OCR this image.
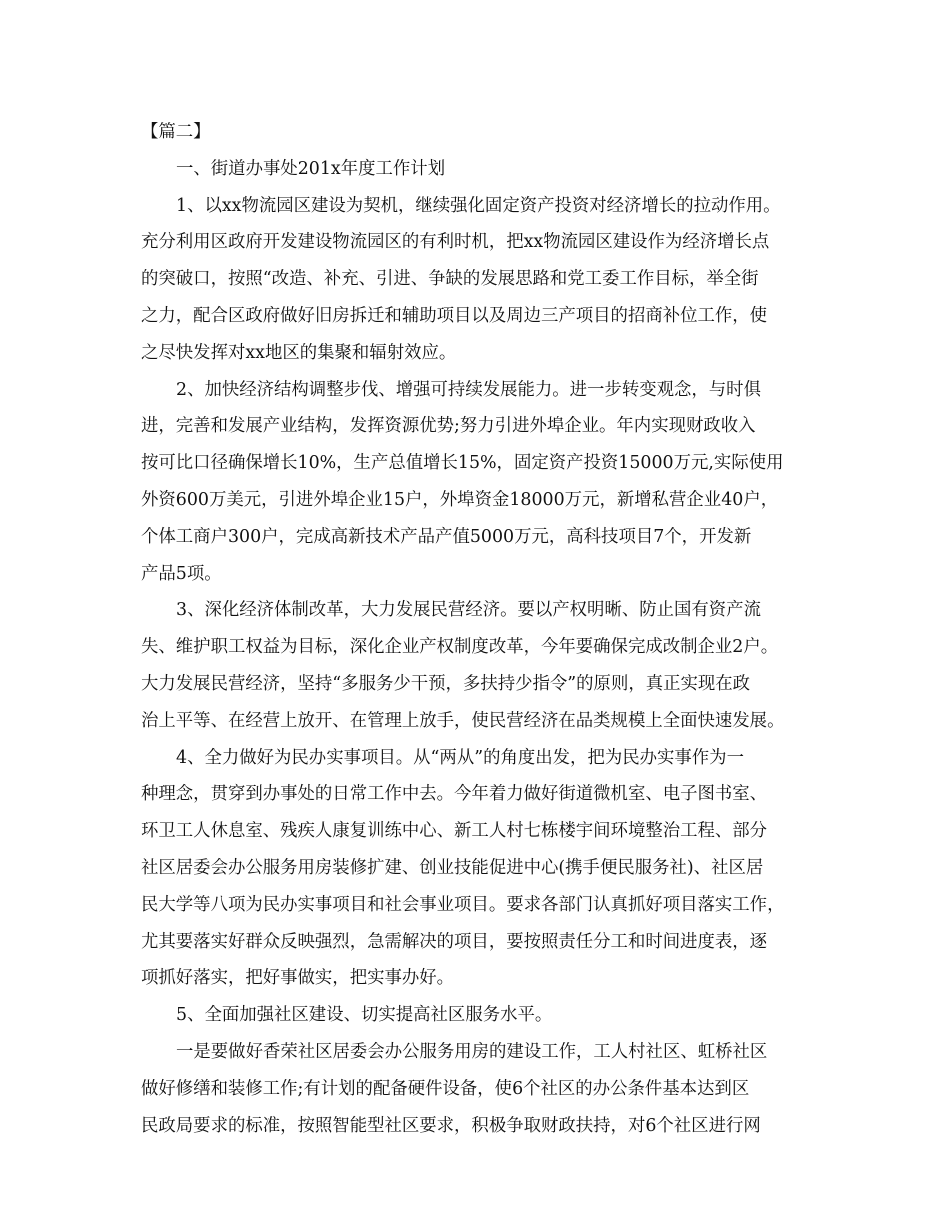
【篇二】
一、街道办事处201x年度工作计划
1、以xx物流园区建设为契机，继续强化固定资产投资对经济增长的拉动作用。
充分利用区政府开发建设物流园区的有利时机，把xx物流园区建设作为经济增长点
的突破口，按照“改造、补充、引进、争缺的发展思路和党工委工作目标，举全街
之力，配合区政府做好旧房拆迁和辅助项目以及周边三产项目的招商补位工作，使
之尽快发挥对xx地区的集聚和辐射效应。
2、加快经济结构调整步伐、增强可持续发展能力。进一步转变观念，与时俱
进，完善和发展产业结构，发挥资源优势;努力引进外埠企业。年内实现财政收入
按可比口径确保增长10%，生产总值增长15%，固定资产投资15000万元,实际使用
外资600万美元，引进外埠企业15户，外埠资金18000万元，新增私营企业40户，
个体工商户300户，完成高新技术产品产值5000万元，高科技项目7个，开发新
产品5项。
3、深化经济体制改革，大力发展民营经济。要以产权明晰、防止国有资产流
失、维护职工权益为目标，深化企业产权制度改革，今年要确保完成改制企业2户。
大力发展民营经济，坚持“多服务少干预，多扶持少指令”的原则，真正实现在政
治上平等、在经营上放开、在管理上放手，使民营经济在品类规模上全面快速发展。
4、全力做好为民办实事项目。从“两从”的角度出发，把为民办实事作为一
种理念，贯穿到办事处的日常工作中去。今年着力做好街道微机室、电子图书室、
环卫工人休息室、残疾人康复训练中心、新工人村七栋楼宇间环境整治工程、部分
社区居委会办公服务用房装修扩建、创业技能促进中心(携手便民服务社)、社区居
民大学等八项为民办实事项目和社会事业项目。要求各部门认真抓好项目落实工作，
尤其要落实好群众反映强烈，急需解决的项目，要按照责任分工和时间进度表，逐
项抓好落实，把好事做实，把实事办好。
5、全面加强社区建设、切实提高社区服务水平。
一是要做好香荣社区居委会办公服务用房的建设工作，工人村社区、虹桥社区
做好修缮和装修工作;有计划的配备硬件设备，使6个社区的办公条件基本达到区
民政局要求的标准，按照智能型社区要求，积极争取财政扶持，对6个社区进行网
